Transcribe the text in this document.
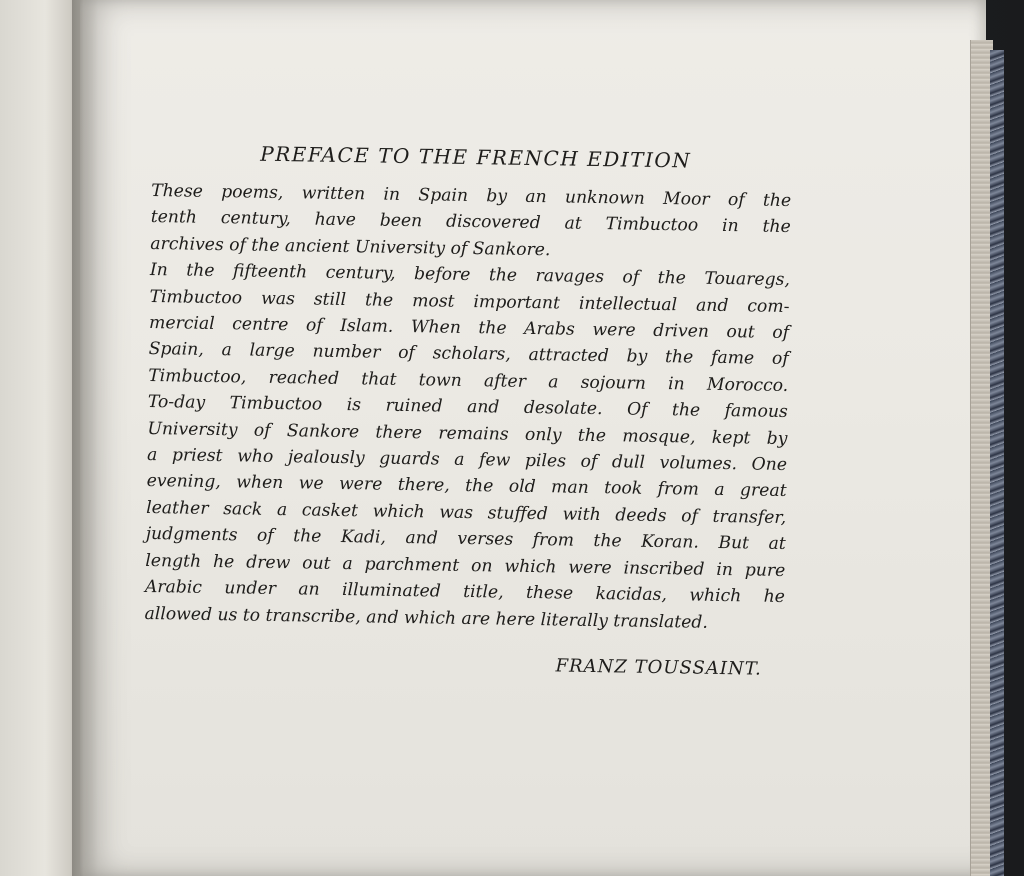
PREFACE TO THE FRENCH EDITION
These poems, written in Spain by an unknown Moor of the
tenth century, have been discovered at Timbuctoo in the
archives of the ancient University of Sankore.
In the fifteenth century, before the ravages of the Touaregs,
Timbuctoo was still the most important intellectual and com-
mercial centre of Islam. When the Arabs were driven out of
Spain, a large number of scholars, attracted by the fame of
Timbuctoo, reached that town after a sojourn in Morocco.
To-day Timbuctoo is ruined and desolate. Of the famous
University of Sankore there remains only the mosque, kept by
a priest who jealously guards a few piles of dull volumes. One
evening, when we were there, the old man took from a great
leather sack a casket which was stuffed with deeds of transfer,
judgments of the Kadi, and verses from the Koran. But at
length he drew out a parchment on which were inscribed in pure
Arabic under an illuminated title, these kacidas, which he
allowed us to transcribe, and which are here literally translated.
FRANZ TOUSSAINT.
